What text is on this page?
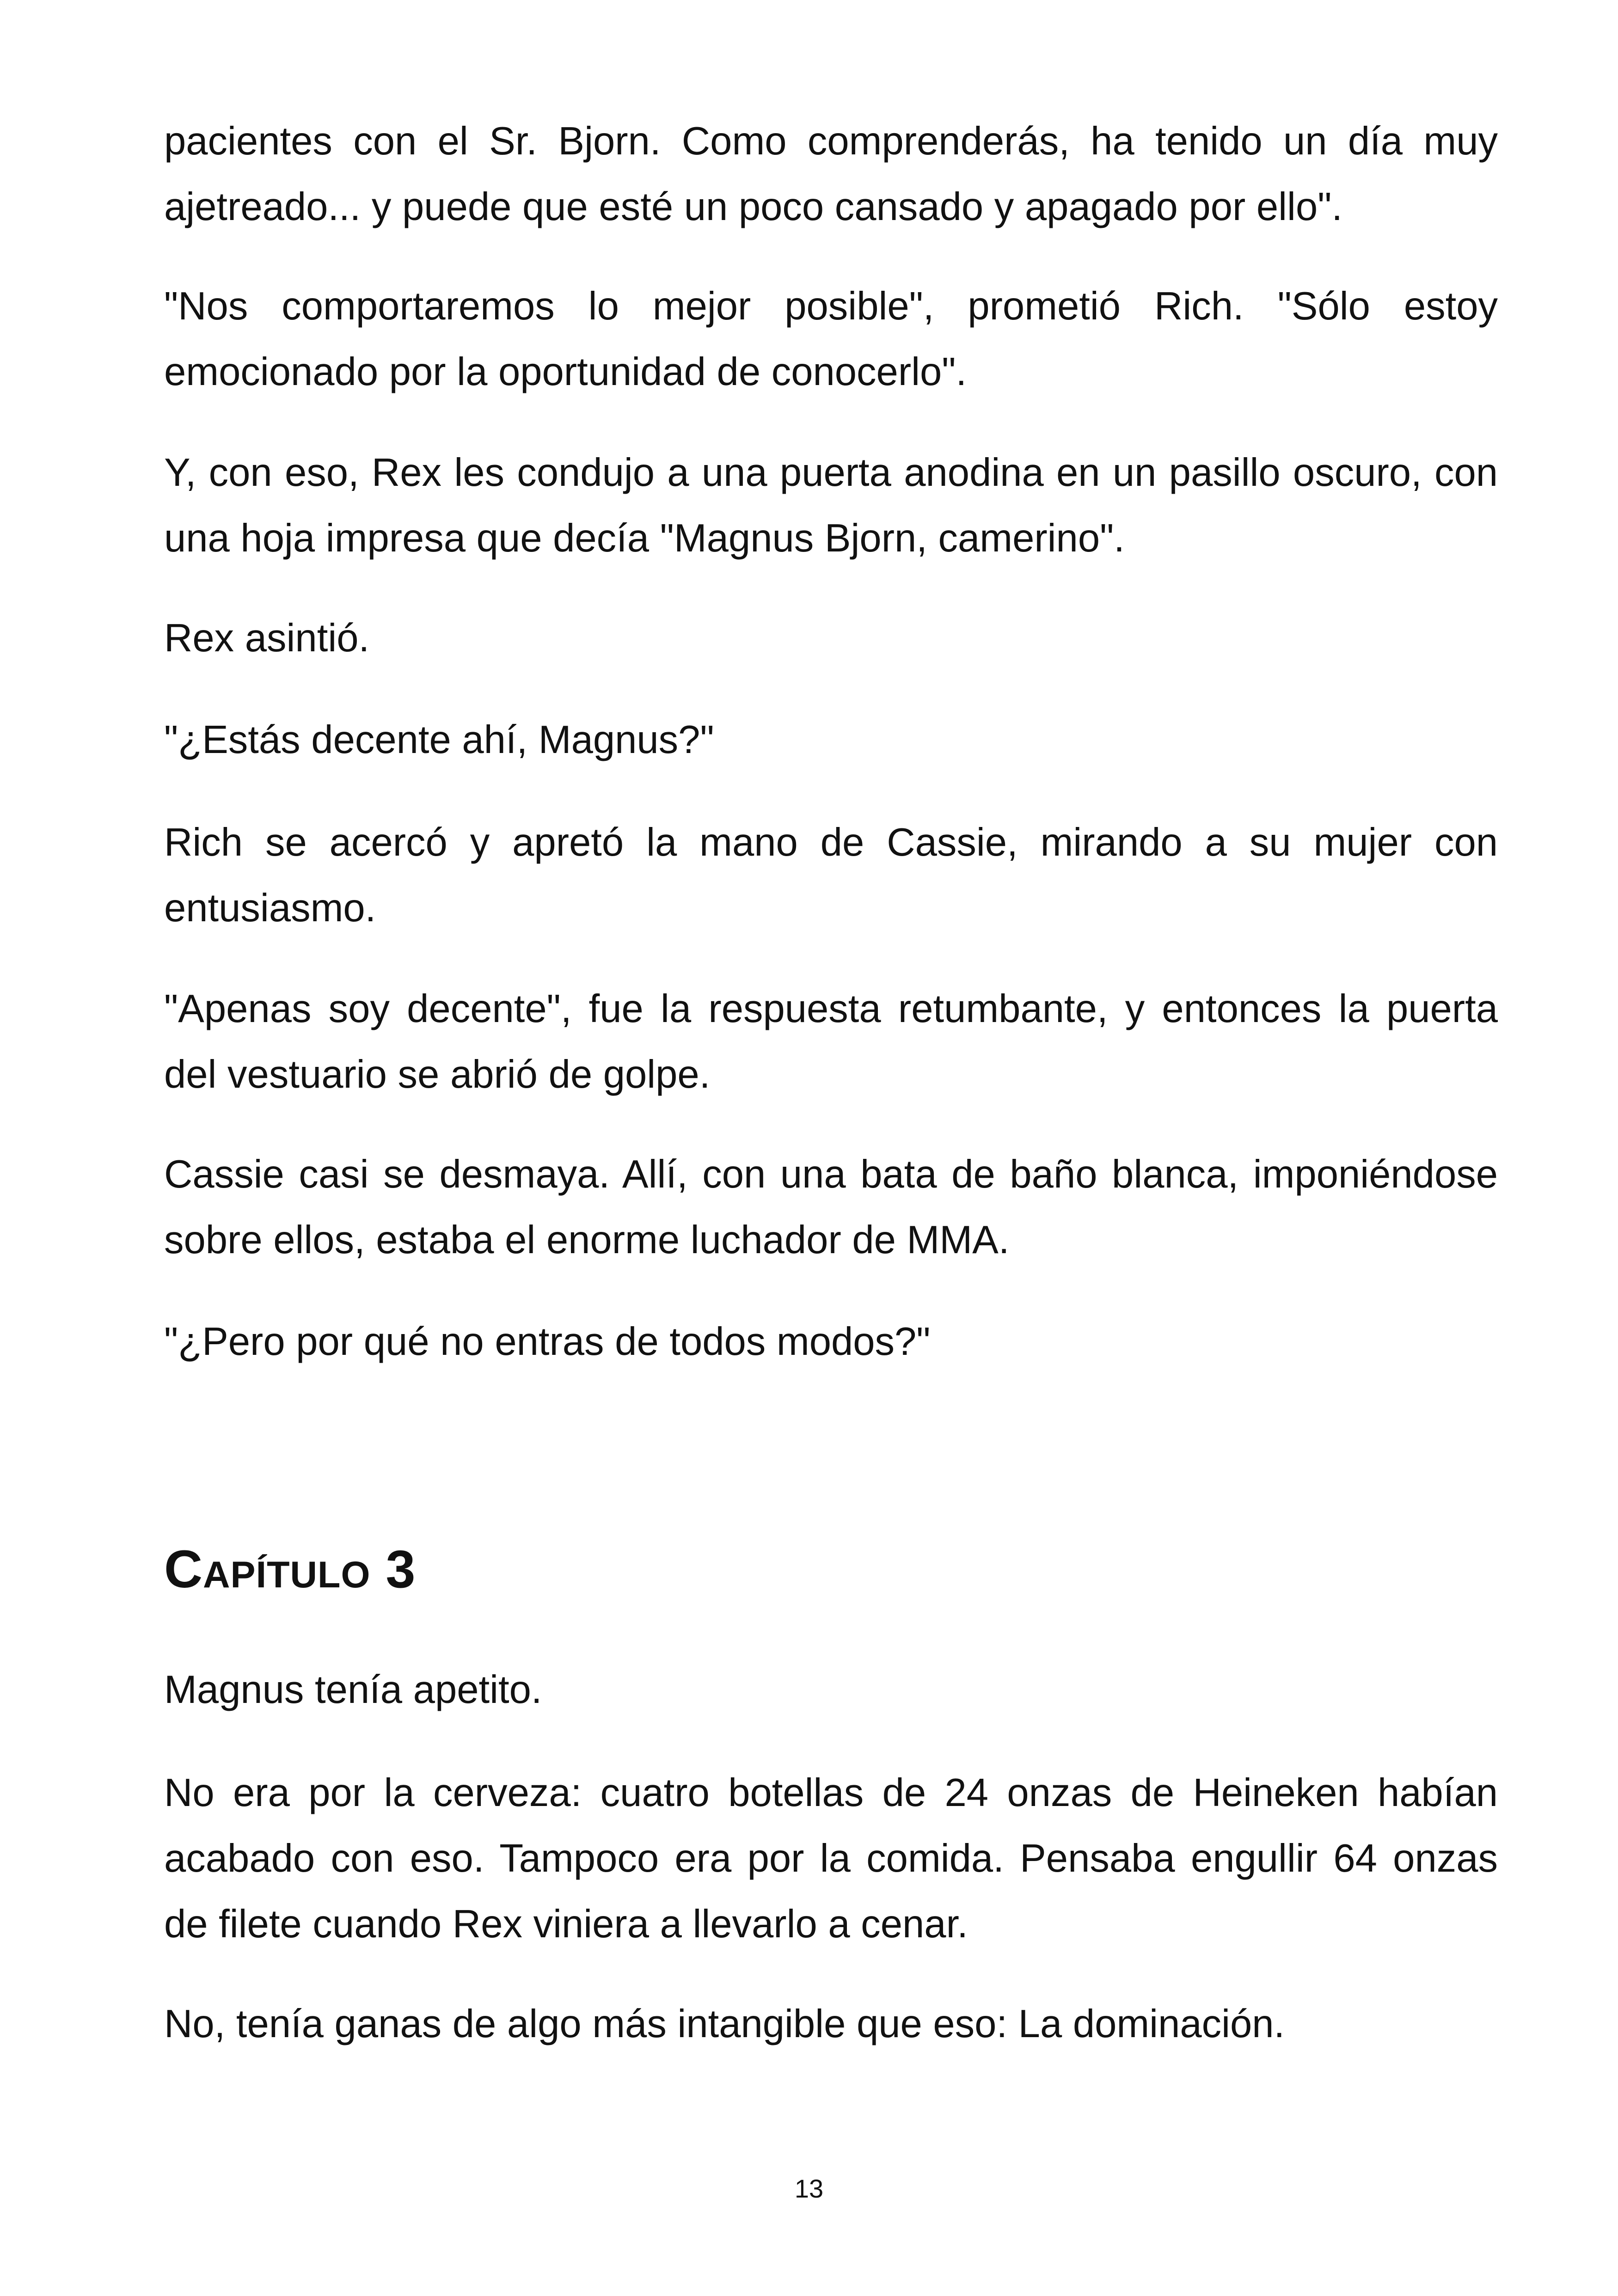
pacientes con el Sr. Bjorn. Como comprenderás, ha tenido un día muy ajetreado... y puede que esté un poco cansado y apagado por ello".

"Nos comportaremos lo mejor posible", prometió Rich. "Sólo estoy emocionado por la oportunidad de conocerlo".

Y, con eso, Rex les condujo a una puerta anodina en un pasillo oscuro, con una hoja impresa que decía "Magnus Bjorn, camerino".

Rex asintió.

"¿Estás decente ahí, Magnus?"

Rich se acercó y apretó la mano de Cassie, mirando a su mujer con entusiasmo.

"Apenas soy decente", fue la respuesta retumbante, y entonces la puerta del vestuario se abrió de golpe.

Cassie casi se desmaya. Allí, con una bata de baño blanca, imponiéndose sobre ellos, estaba el enorme luchador de MMA.

"¿Pero por qué no entras de todos modos?"

Capítulo 3

Magnus tenía apetito.

No era por la cerveza: cuatro botellas de 24 onzas de Heineken habían acabado con eso. Tampoco era por la comida. Pensaba engullir 64 onzas de filete cuando Rex viniera a llevarlo a cenar.

No, tenía ganas de algo más intangible que eso: La dominación.

13
